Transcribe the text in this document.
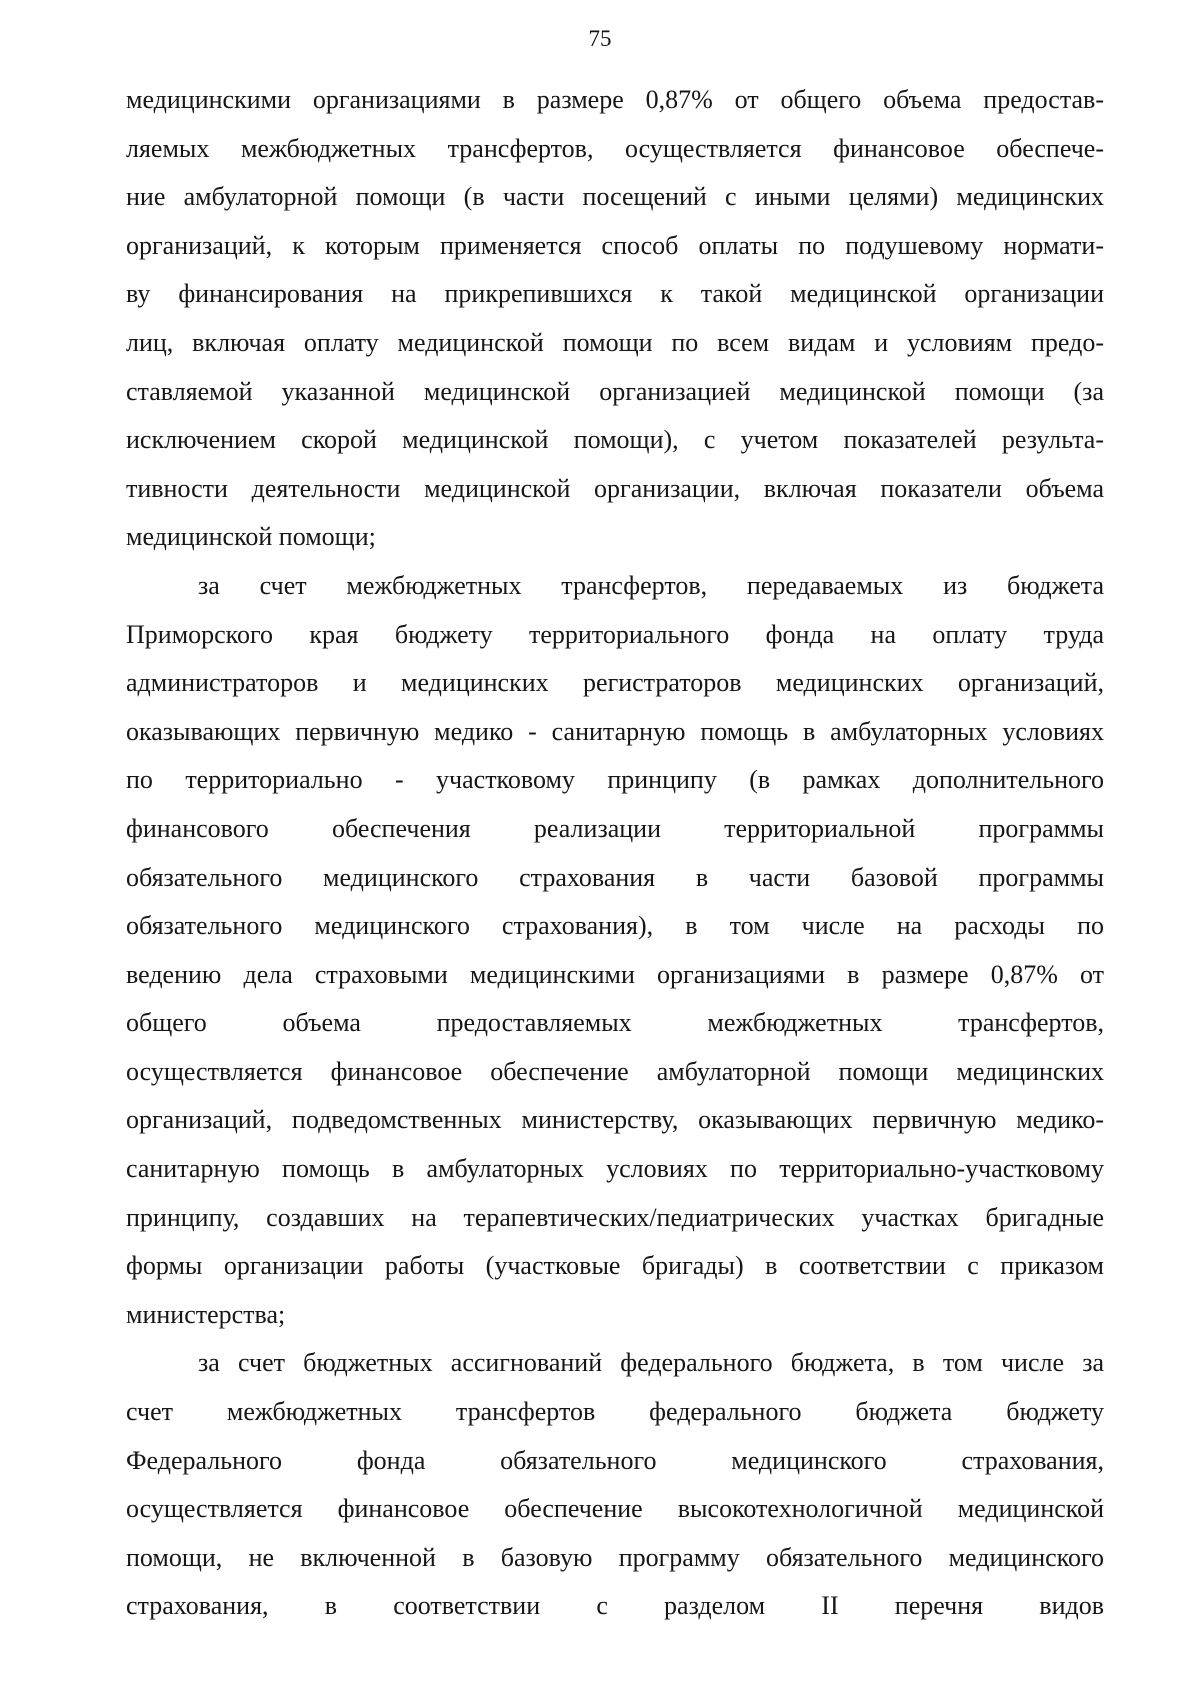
75
медицинскими организациями в размере 0,87% от общего объема предостав-
ляемых межбюджетных трансфертов, осуществляется финансовое обеспече-
ние амбулаторной помощи (в части посещений с иными целями) медицинских
организаций, к которым применяется способ оплаты по подушевому нормати-
ву финансирования на прикрепившихся к такой медицинской организации
лиц, включая оплату медицинской помощи по всем видам и условиям предо-
ставляемой указанной медицинской организацией медицинской помощи (за
исключением скорой медицинской помощи), с учетом показателей результа-
тивности деятельности медицинской организации, включая показатели объема
медицинской помощи;
за счет межбюджетных трансфертов, передаваемых из бюджета
Приморского края бюджету территориального фонда на оплату труда
администраторов и медицинских регистраторов медицинских организаций,
оказывающих первичную медико - санитарную помощь в амбулаторных условиях
по территориально - участковому принципу (в рамках дополнительного
финансового обеспечения реализации территориальной программы
обязательного медицинского страхования в части базовой программы
обязательного медицинского страхования), в том числе на расходы по
ведению дела страховыми медицинскими организациями в размере 0,87% от
общего объема предоставляемых межбюджетных трансфертов,
осуществляется финансовое обеспечение амбулаторной помощи медицинских
организаций, подведомственных министерству, оказывающих первичную медико-
санитарную помощь в амбулаторных условиях по территориально-участковому
принципу, создавших на терапевтических/педиатрических участках бригадные
формы организации работы (участковые бригады) в соответствии с приказом
министерства;
за счет бюджетных ассигнований федерального бюджета, в том числе за
счет межбюджетных трансфертов федерального бюджета бюджету
Федерального фонда обязательного медицинского страхования,
осуществляется финансовое обеспечение высокотехнологичной медицинской
помощи, не включенной в базовую программу обязательного медицинского
страхования, в соответствии с разделом II перечня видов
